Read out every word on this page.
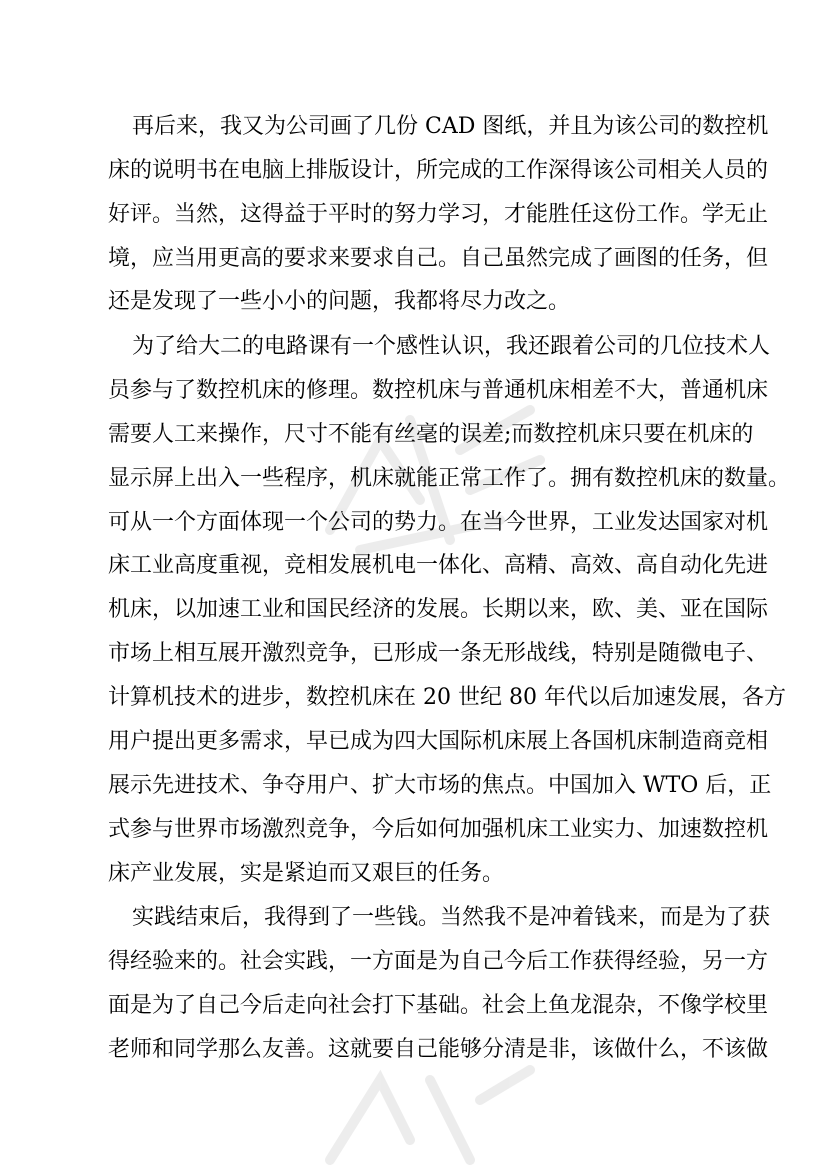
再后来，我又为公司画了几份 CAD 图纸，并且为该公司的数控机
床的说明书在电脑上排版设计，所完成的工作深得该公司相关人员的
好评。当然，这得益于平时的努力学习，才能胜任这份工作。学无止
境，应当用更高的要求来要求自己。自己虽然完成了画图的任务，但
还是发现了一些小小的问题，我都将尽力改之。
为了给大二的电路课有一个感性认识，我还跟着公司的几位技术人
员参与了数控机床的修理。数控机床与普通机床相差不大，普通机床
需要人工来操作，尺寸不能有丝毫的误差;而数控机床只要在机床的
显示屏上出入一些程序，机床就能正常工作了。拥有数控机床的数量。
可从一个方面体现一个公司的势力。在当今世界，工业发达国家对机
床工业高度重视，竞相发展机电一体化、高精、高效、高自动化先进
机床，以加速工业和国民经济的发展。长期以来，欧、美、亚在国际
市场上相互展开激烈竞争，已形成一条无形战线，特别是随微电子、
计算机技术的进步，数控机床在 20 世纪 80 年代以后加速发展，各方
用户提出更多需求，早已成为四大国际机床展上各国机床制造商竞相
展示先进技术、争夺用户、扩大市场的焦点。中国加入 WTO 后，正
式参与世界市场激烈竞争，今后如何加强机床工业实力、加速数控机
床产业发展，实是紧迫而又艰巨的任务。
实践结束后，我得到了一些钱。当然我不是冲着钱来，而是为了获
得经验来的。社会实践，一方面是为自己今后工作获得经验，另一方
面是为了自己今后走向社会打下基础。社会上鱼龙混杂，不像学校里
老师和同学那么友善。这就要自己能够分清是非，该做什么，不该做
